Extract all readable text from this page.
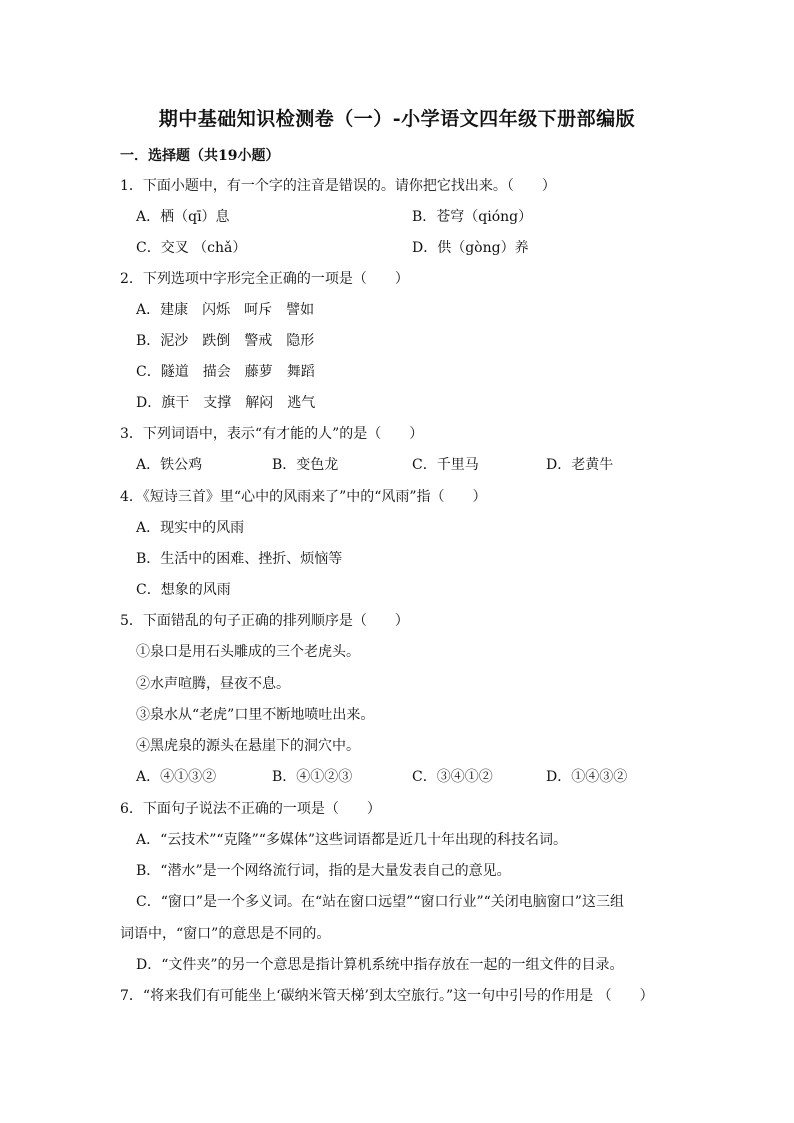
期中基础知识检测卷（一）-小学语文四年级下册部编版
一．选择题（共19小题）
1．下面小题中，有一个字的注音是错误的。请你把它找出来。（　　）
A．栖（qī）息	B．苍穹（qióng）
C．交叉 （chǎ）	D．供（gòng）养
2．下列选项中字形完全正确的一项是（　　）
A．建康　闪烁　呵斥　譬如
B．泥沙　跌倒　警戒　隐形
C．隧道　描会　藤萝　舞蹈
D．旗干　支撑　解闷　逃气
3．下列词语中，表示“有才能的人”的是（　　）
A．铁公鸡	B．变色龙	C．千里马	D．老黄牛
4．《短诗三首》里“心中的风雨来了”中的“风雨”指（　　）
A．现实中的风雨
B．生活中的困难、挫折、烦恼等
C．想象的风雨
5．下面错乱的句子正确的排列顺序是（　　）
①泉口是用石头雕成的三个老虎头。
②水声喧腾，昼夜不息。
③泉水从“老虎”口里不断地喷吐出来。
④黑虎泉的源头在悬崖下的洞穴中。
A．④①③②	B．④①②③	C．③④①②	D．①④③②
6．下面句子说法不正确的一项是（　　）
A．“云技术”“克隆”“多媒体”这些词语都是近几十年出现的科技名词。
B．“潜水”是一个网络流行词，指的是大量发表自己的意见。
C．“窗口”是一个多义词。在“站在窗口远望”“窗口行业”“关闭电脑窗口”这三组
词语中，“窗口”的意思是不同的。
D．“文件夹”的另一个意思是指计算机系统中指存放在一起的一组文件的目录。
7．“将来我们有可能坐上‘碳纳米管天梯’到太空旅行。”这一句中引号的作用是 （　　）
